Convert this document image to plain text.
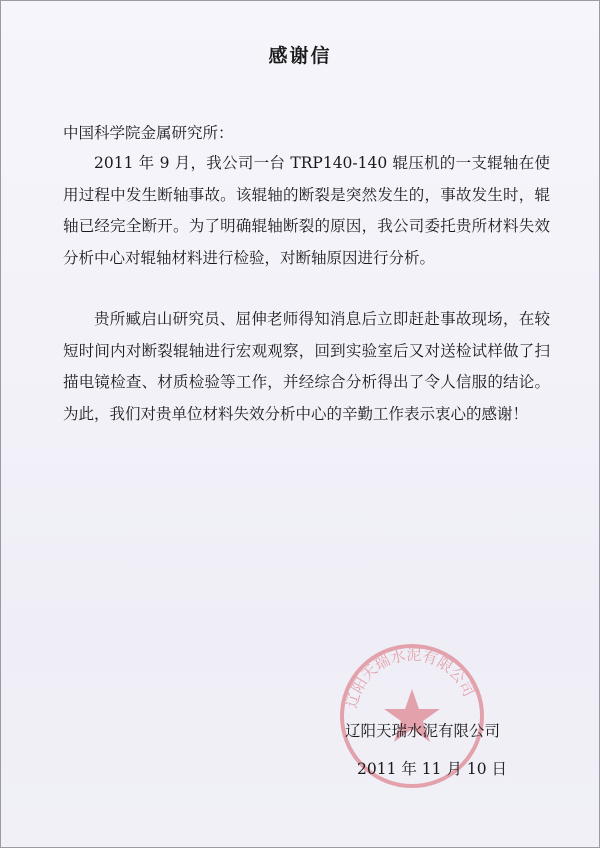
感谢信
中国科学院金属研究所：

2011 年 9 月，我公司一台 TRP140-140 辊压机的一支辊轴在使用过程中发生断轴事故。该辊轴的断裂是突然发生的，事故发生时，辊轴已经完全断开。为了明确辊轴断裂的原因，我公司委托贵所材料失效分析中心对辊轴材料进行检验，对断轴原因进行分析。

贵所臧启山研究员、屈伸老师得知消息后立即赶赴事故现场，在较短时间内对断裂辊轴进行宏观观察，回到实验室后又对送检试样做了扫描电镜检查、材质检验等工作，并经综合分析得出了令人信服的结论。为此，我们对贵单位材料失效分析中心的辛勤工作表示衷心的感谢！

辽阳天瑞水泥有限公司
辽阳天瑞水泥有限公司
2011 年 11 月 10 日
